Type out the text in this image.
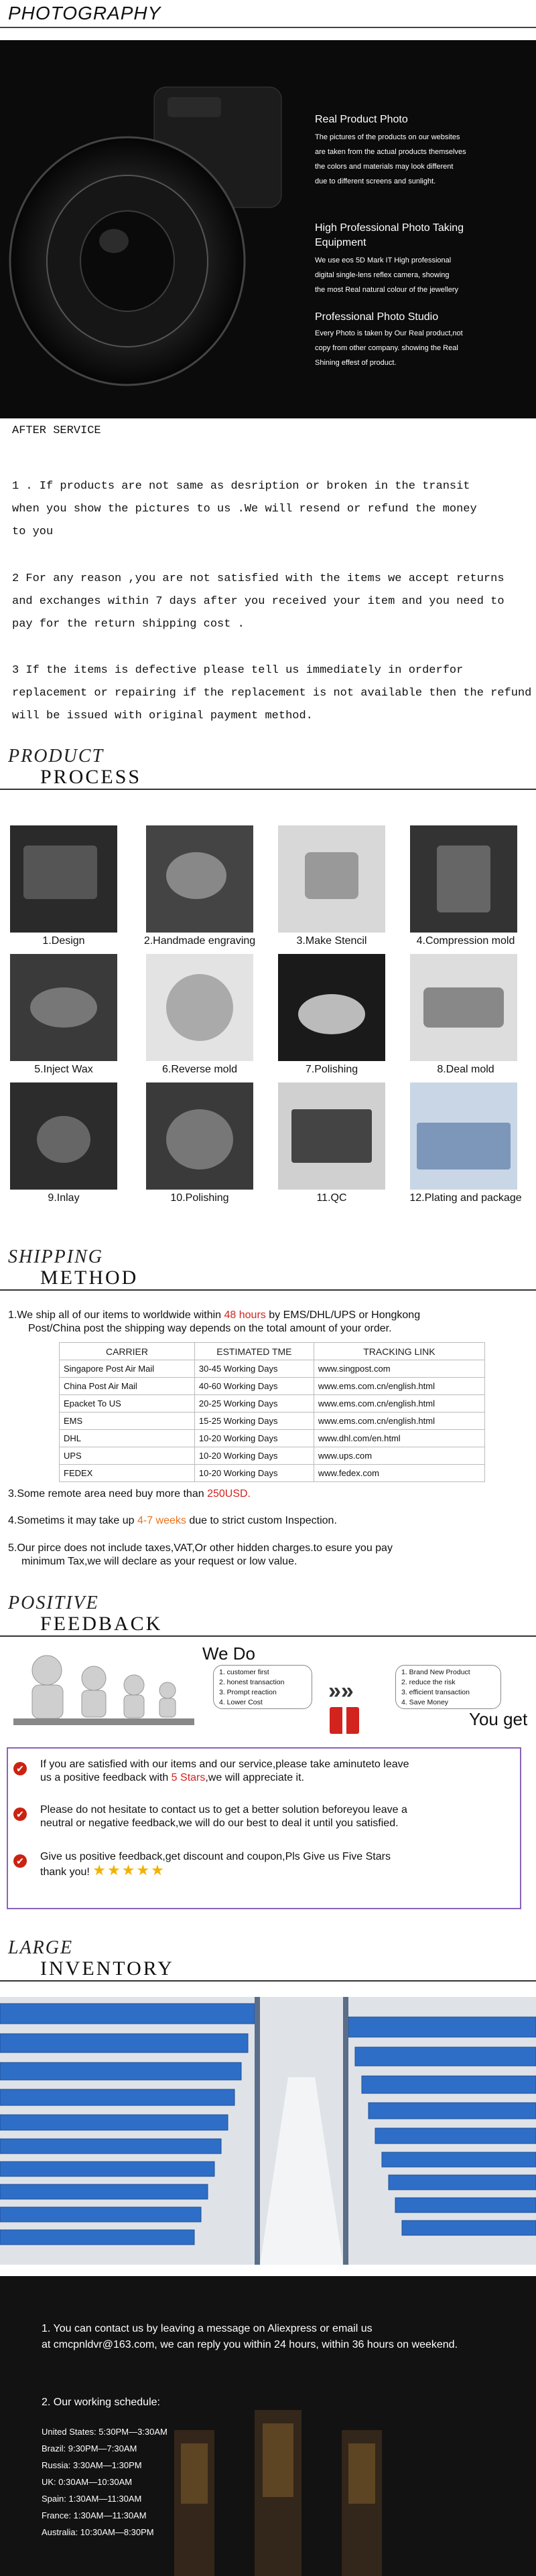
PHOTOGRAPHY
Real Product Photo
The pictures of the products on our websites
are taken from the actual products themselves
the colors and materials may look different
due to different screens and sunlight.
High Professional Photo Taking
Equipment
We use eos 5D Mark IT High professional
digital single-lens reflex camera, showing
the most Real natural colour of the jewellery
Professional Photo Studio
Every Photo is taken by Our Real product,not
copy from other company. showing the Real
Shining effest of product.
AFTER SERVICE
1 . If products are not same as desription or broken in the transit
when you show the pictures to us .We will resend or refund the money
to you
2 For any reason ,you are not satisfied with the items we accept returns
and exchanges within 7 days after you received your item and you need to
pay for the return shipping cost .
3 If the items is defective please tell us immediately in orderfor
replacement or repairing if the replacement is not available then the refund
will be issued with original payment method.
PRODUCT
PROCESS
1.Design	2.Handmade engraving	3.Make Stencil	4.Compression mold
5.Inject Wax	6.Reverse mold	7.Polishing	8.Deal mold
9.Inlay	10.Polishing	11.QC	12.Plating and package
SHIPPING
METHOD
1.We ship all of our items to worldwide within 48 hours by EMS/DHL/UPS or Hongkong
Post/China post the shipping way depends on the total amount of your order.
CARRIER	ESTIMATED TME	TRACKING LINK
Singapore Post Air Mail	30-45 Working Days	www.singpost.com
China Post Air Mail	40-60 Working Days	www.ems.com.cn/english.html
Epacket To US	20-25 Working Days	www.ems.com.cn/english.html
EMS	15-25 Working Days	www.ems.com.cn/english.html
DHL	10-20 Working Days	www.dhl.com/en.html
UPS	10-20 Working Days	www.ups.com
FEDEX	10-20 Working Days	www.fedex.com
3.Some remote area need buy more than 250USD.
4.Sometims it may take up 4-7 weeks due to strict custom Inspection.
5.Our pirce does not include taxes,VAT,Or other hidden charges.to esure you pay
minimum Tax,we will declare as your request or low value.
POSITIVE
FEEDBACK
We Do
1. customer first
2. honest transaction
3. Prompt reaction
4. Lower Cost	»»
1. Brand New Product
2. reduce the risk
3. efficient transaction
4. Save Money
You get
✔ If you are satisfied with our items and our service,please take aminuteto leave
us a positive feedback with 5 Stars,we will appreciate it.
✔ Please do not hesitate to contact us to get a better solution beforeyou leave a
neutral or negative feedback,we will do our best to deal it until you satisfied.
✔ Give us positive feedback,get discount and coupon,Pls Give us Five Stars
thank you! ★★★★★
LARGE
INVENTORY
1. You can contact us by leaving a message on Aliexpress or email us
at cmcpnldvr@163.com, we can reply you within 24 hours, within 36 hours on weekend.
2. Our working schedule:
United States: 5:30PM—3:30AM
Brazil: 9:30PM—7:30AM
Russia: 3:30AM—1:30PM
UK: 0:30AM—10:30AM
Spain: 1:30AM—11:30AM
France: 1:30AM—11:30AM
Australia: 10:30AM—8:30PM
